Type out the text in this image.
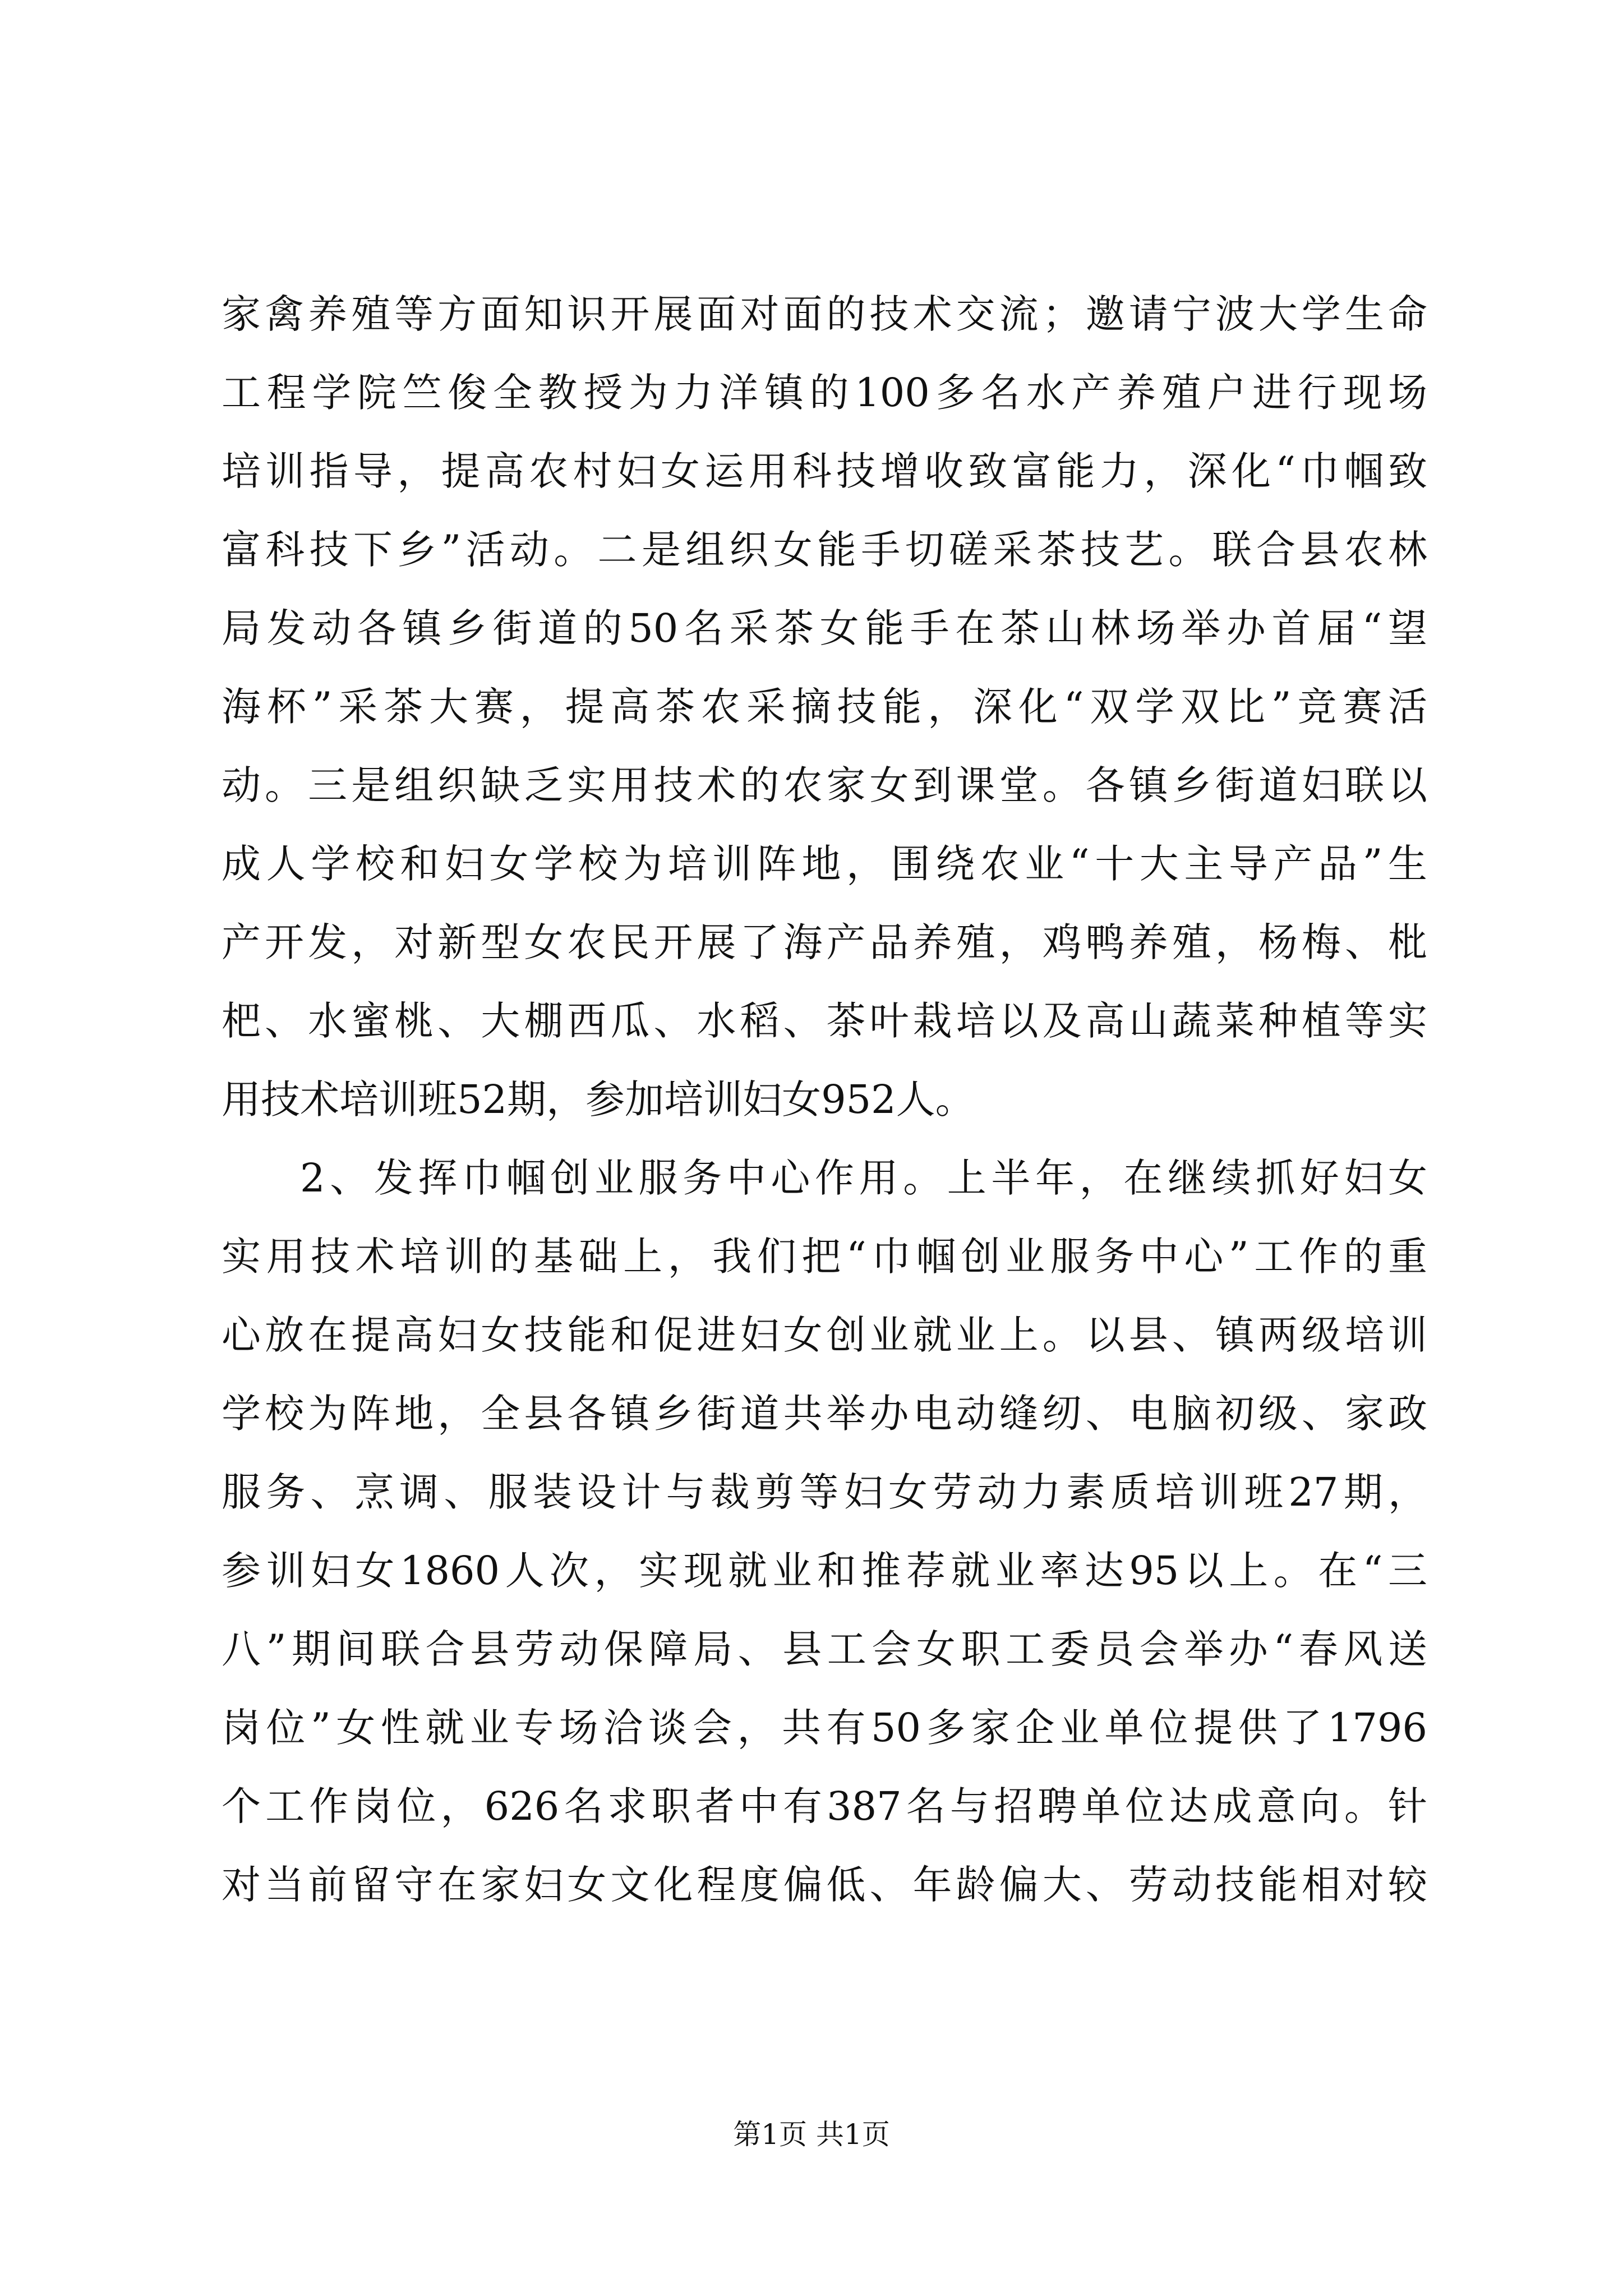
家禽养殖等方面知识开展面对面的技术交流；邀请宁波大学生命
工程学院竺俊全教授为力洋镇的100多名水产养殖户进行现场
培训指导，提高农村妇女运用科技增收致富能力，深化“巾帼致
富科技下乡”活动。二是组织女能手切磋采茶技艺。联合县农林
局发动各镇乡街道的50名采茶女能手在茶山林场举办首届“望
海杯”采茶大赛，提高茶农采摘技能，深化“双学双比”竞赛活
动。三是组织缺乏实用技术的农家女到课堂。各镇乡街道妇联以
成人学校和妇女学校为培训阵地，围绕农业“十大主导产品”生
产开发，对新型女农民开展了海产品养殖，鸡鸭养殖，杨梅、枇
杷、水蜜桃、大棚西瓜、水稻、茶叶栽培以及高山蔬菜种植等实
用技术培训班52期，参加培训妇女952人。
2、发挥巾帼创业服务中心作用。上半年，在继续抓好妇女
实用技术培训的基础上，我们把“巾帼创业服务中心”工作的重
心放在提高妇女技能和促进妇女创业就业上。以县、镇两级培训
学校为阵地，全县各镇乡街道共举办电动缝纫、电脑初级、家政
服务、烹调、服装设计与裁剪等妇女劳动力素质培训班27期，
参训妇女1860人次，实现就业和推荐就业率达95以上。在“三
八”期间联合县劳动保障局、县工会女职工委员会举办“春风送
岗位”女性就业专场洽谈会，共有50多家企业单位提供了1796
个工作岗位，626名求职者中有387名与招聘单位达成意向。针
对当前留守在家妇女文化程度偏低、年龄偏大、劳动技能相对较
第1页 共1页
